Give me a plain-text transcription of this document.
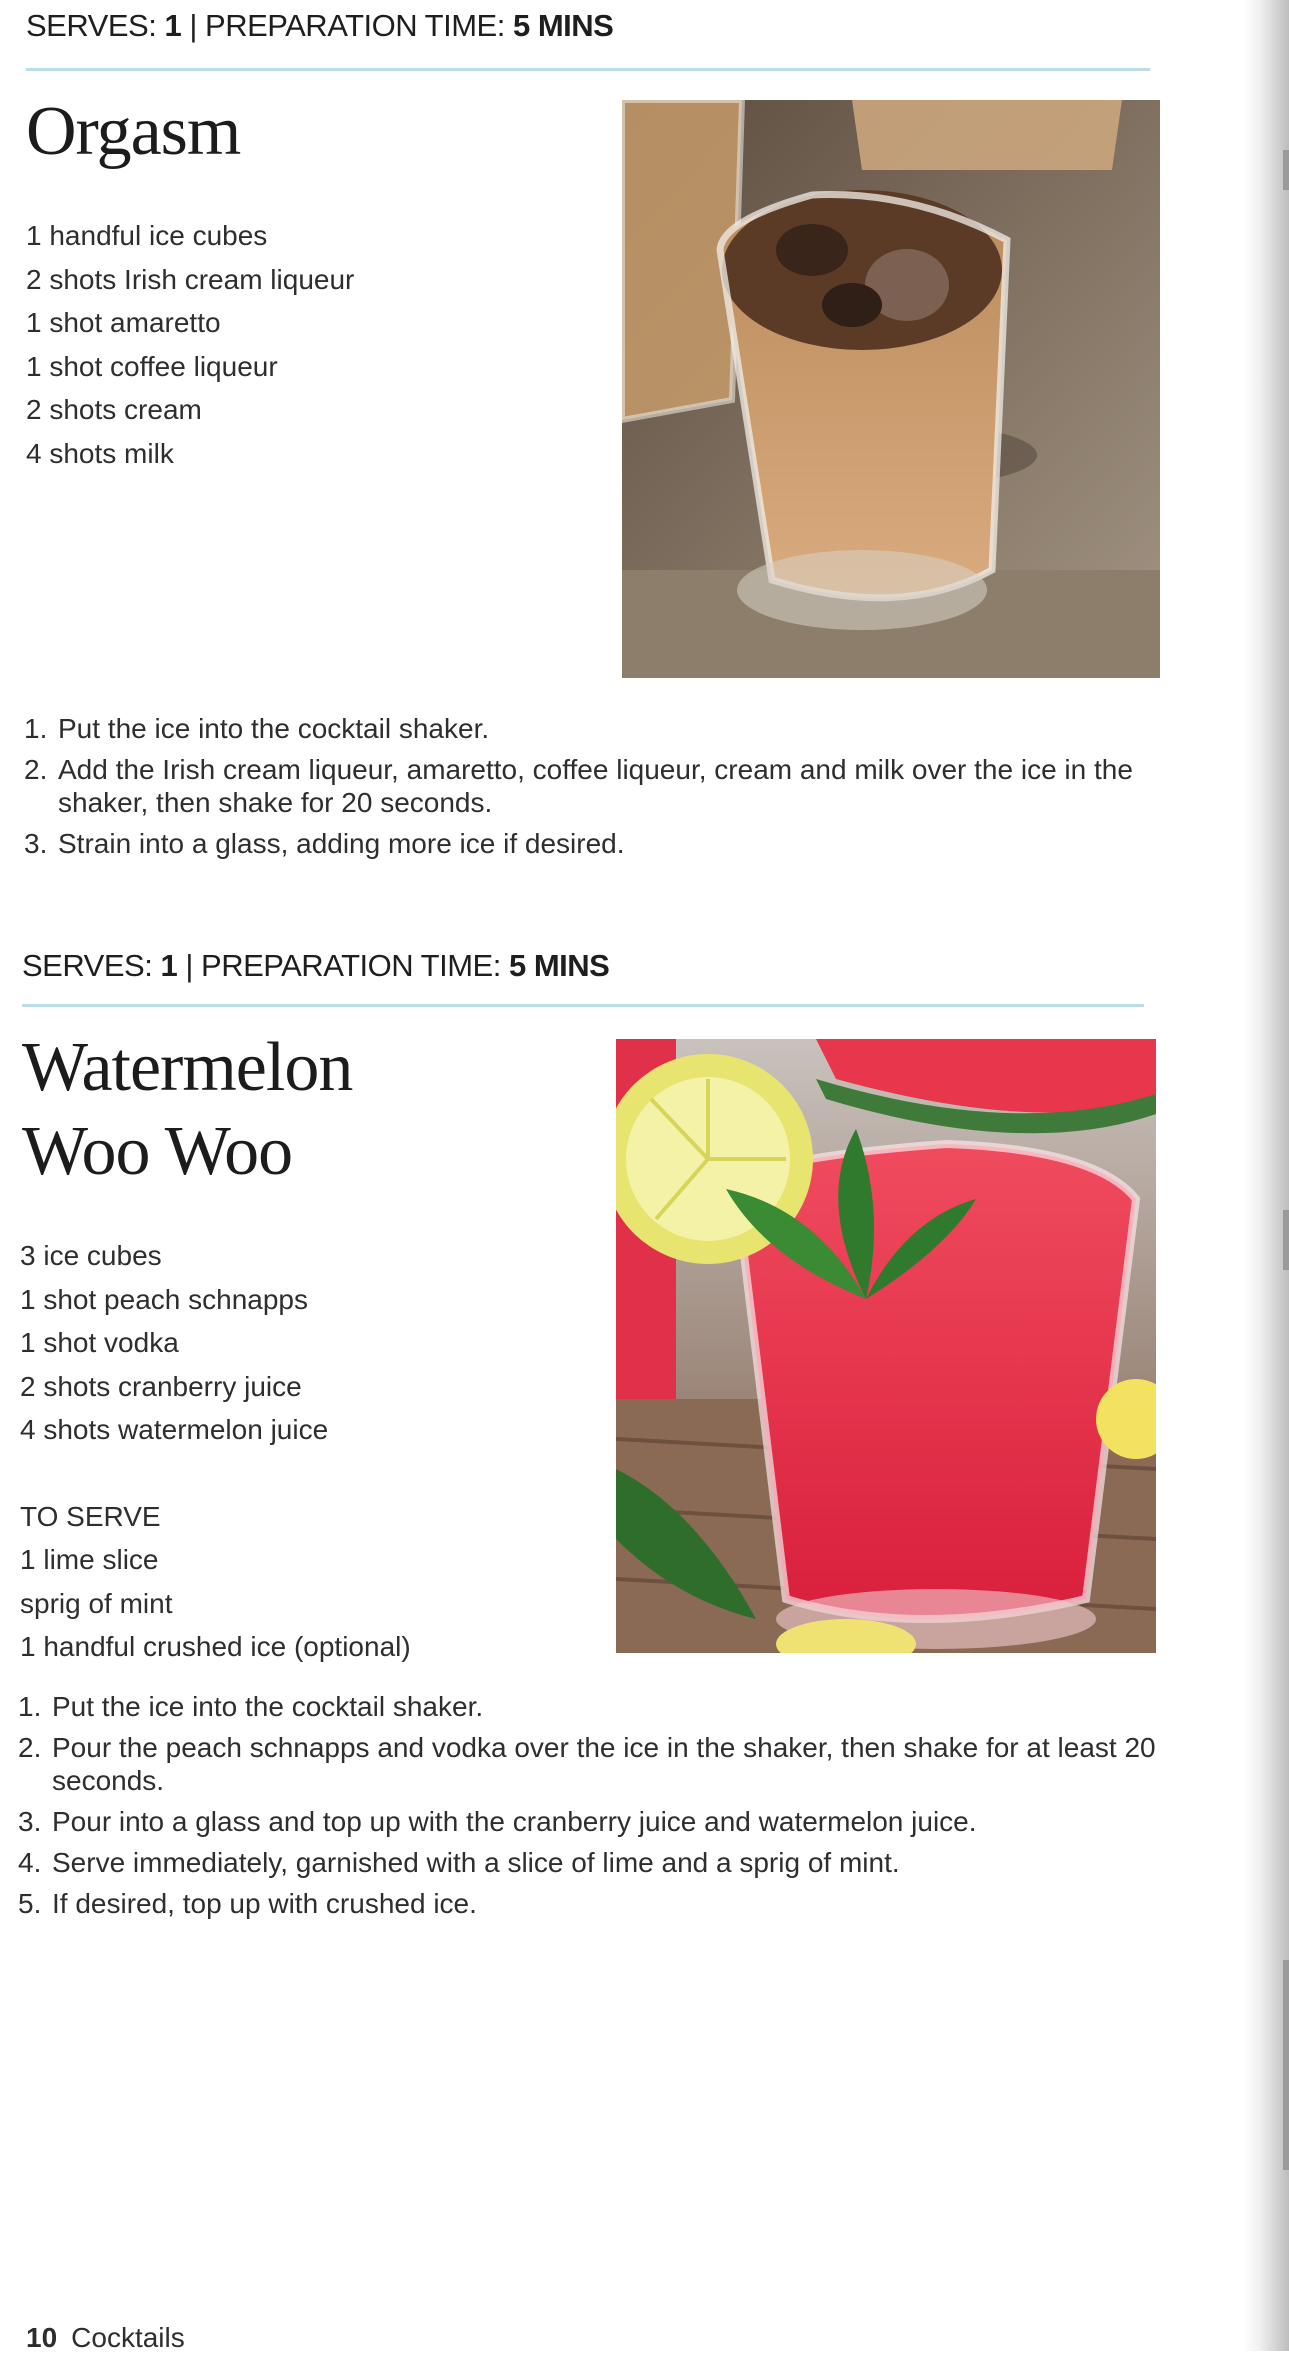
SERVES: 1 | PREPARATION TIME: 5 MINS
Orgasm
1 handful ice cubes
2 shots Irish cream liqueur
1 shot amaretto
1 shot coffee liqueur
2 shots cream
4 shots milk
1. Put the ice into the cocktail shaker.
2. Add the Irish cream liqueur, amaretto, coffee liqueur, cream and milk over the ice in the shaker, then shake for 20 seconds.
3. Strain into a glass, adding more ice if desired.
SERVES: 1 | PREPARATION TIME: 5 MINS
Watermelon
Woo Woo
3 ice cubes
1 shot peach schnapps
1 shot vodka
2 shots cranberry juice
4 shots watermelon juice
TO SERVE
1 lime slice
sprig of mint
1 handful crushed ice (optional)
1. Put the ice into the cocktail shaker.
2. Pour the peach schnapps and vodka over the ice in the shaker, then shake for at least 20 seconds.
3. Pour into a glass and top up with the cranberry juice and watermelon juice.
4. Serve immediately, garnished with a slice of lime and a sprig of mint.
5. If desired, top up with crushed ice.
10 Cocktails
